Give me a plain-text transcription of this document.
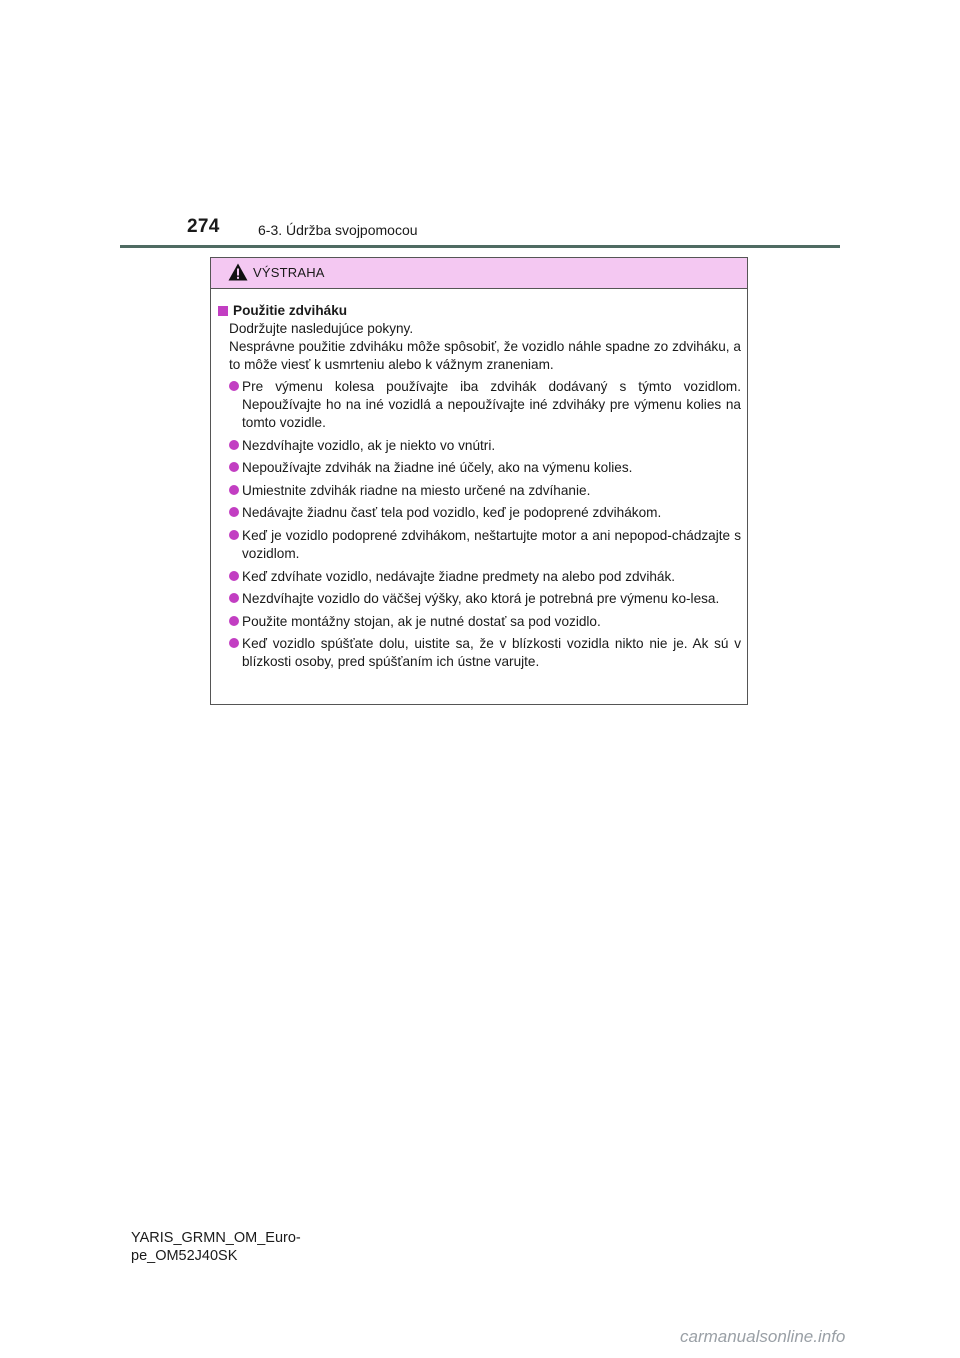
274	6-3. Údržba svojpomocou
VÝSTRAHA
Použitie zdviháku
Dodržujte nasledujúce pokyny.
Nesprávne použitie zdviháku môže spôsobiť, že vozidlo náhle spadne zo zdviháku, a to môže viesť k usmrteniu alebo k vážnym zraneniam.
Pre výmenu kolesa používajte iba zdvihák dodávaný s týmto vozidlom. Nepoužívajte ho na iné vozidlá a nepoužívajte iné zdviháky pre výmenu kolies na tomto vozidle.
Nezdvíhajte vozidlo, ak je niekto vo vnútri.
Nepoužívajte zdvihák na žiadne iné účely, ako na výmenu kolies.
Umiestnite zdvihák riadne na miesto určené na zdvíhanie.
Nedávajte žiadnu časť tela pod vozidlo, keď je podoprené zdvihákom.
Keď je vozidlo podoprené zdvihákom, neštartujte motor a ani nepopod-chádzajte s vozidlom.
Keď zdvíhate vozidlo, nedávajte žiadne predmety na alebo pod zdvihák.
Nezdvíhajte vozidlo do väčšej výšky, ako ktorá je potrebná pre výmenu ko-lesa.
Použite montážny stojan, ak je nutné dostať sa pod vozidlo.
Keď vozidlo spúšťate dolu, uistite sa, že v blízkosti vozidla nikto nie je. Ak sú v blízkosti osoby, pred spúšťaním ich ústne varujte.
YARIS_GRMN_OM_Euro-
pe_OM52J40SK
carmanualsonline.info
